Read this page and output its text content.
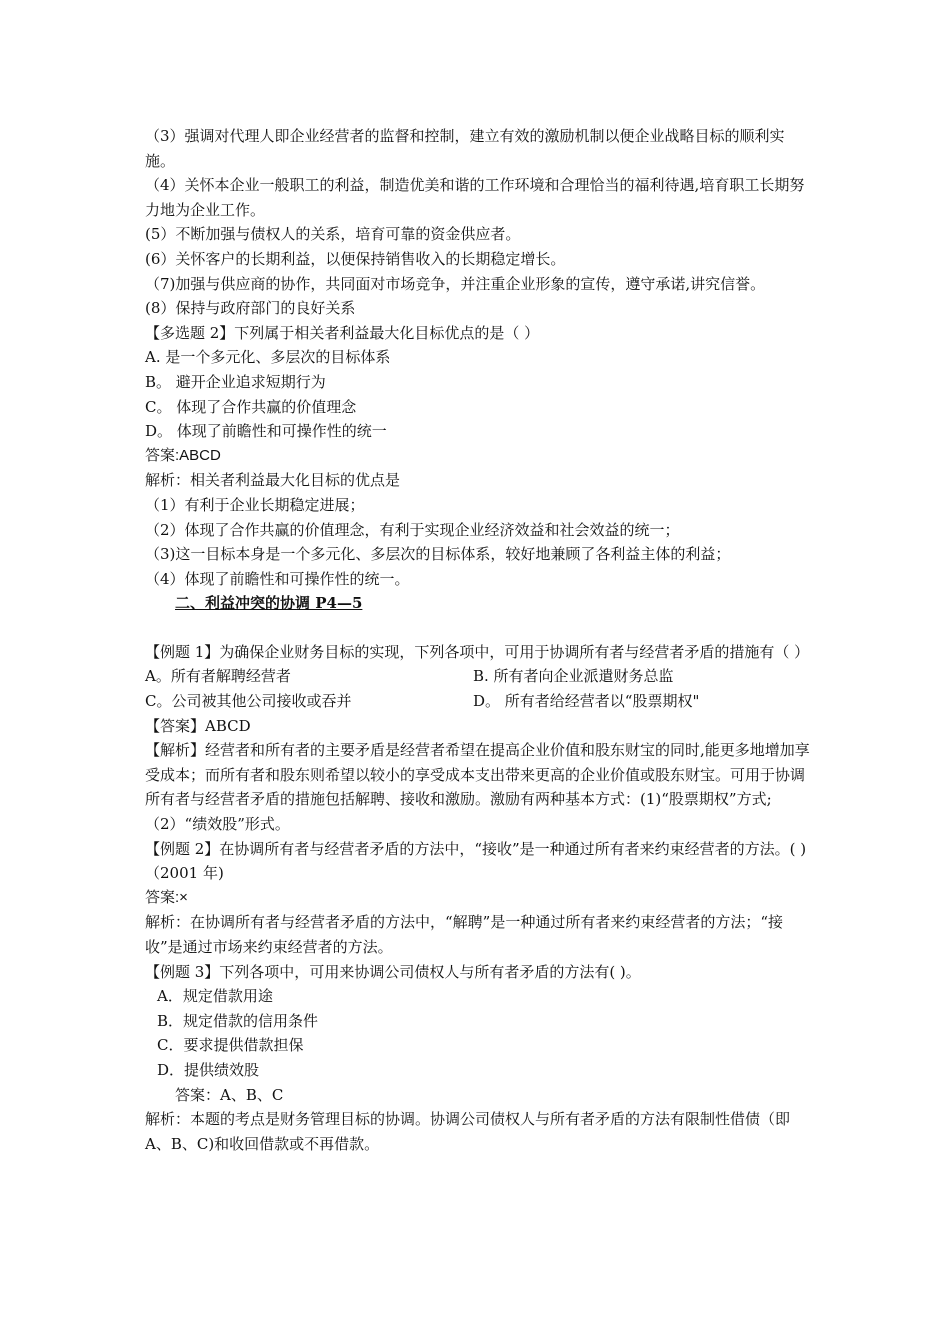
（3）强调对代理人即企业经营者的监督和控制，建立有效的激励机制以便企业战略目标的顺利实施。

（4）关怀本企业一般职工的利益，制造优美和谐的工作环境和合理恰当的福利待遇,培育职工长期努力地为企业工作。

(5）不断加强与债权人的关系，培育可靠的资金供应者。

(6）关怀客户的长期利益，以便保持销售收入的长期稳定增长。

（7)加强与供应商的协作，共同面对市场竞争，并注重企业形象的宣传，遵守承诺,讲究信誉。

(8）保持与政府部门的良好关系

【多选题 2】下列属于相关者利益最大化目标优点的是（ ）

A. 是一个多元化、多层次的目标体系

B。 避开企业追求短期行为

C。 体现了合作共赢的价值理念

D。 体现了前瞻性和可操作性的统一

答案:ABCD

解析：相关者利益最大化目标的优点是

（1）有利于企业长期稳定进展；

（2）体现了合作共赢的价值理念，有利于实现企业经济效益和社会效益的统一；

（3)这一目标本身是一个多元化、多层次的目标体系，较好地兼顾了各利益主体的利益；

（4）体现了前瞻性和可操作性的统一。

二、利益冲突的协调 P4—5

【例题 1】为确保企业财务目标的实现，下列各项中，可用于协调所有者与经营者矛盾的措施有（ ）

A。所有者解聘经营者	B. 所有者向企业派遣财务总监
C。公司被其他公司接收或吞并	D。 所有者给经营者以“股票期权"

【答案】ABCD

【解析】经营者和所有者的主要矛盾是经营者希望在提高企业价值和股东财宝的同时,能更多地增加享受成本；而所有者和股东则希望以较小的享受成本支出带来更高的企业价值或股东财宝。可用于协调所有者与经营者矛盾的措施包括解聘、接收和激励。激励有两种基本方式：(1)“股票期权”方式;（2）“绩效股”形式。

【例题 2】在协调所有者与经营者矛盾的方法中，“接收”是一种通过所有者来约束经营者的方法。( ) （2001 年)

答案:×

解析：在协调所有者与经营者矛盾的方法中，“解聘”是一种通过所有者来约束经营者的方法；“接收”是通过市场来约束经营者的方法。

【例题 3】下列各项中，可用来协调公司债权人与所有者矛盾的方法有( )。

A．规定借款用途

B．规定借款的信用条件

C．要求提供借款担保

D．提供绩效股

答案：A、B、C

解析：本题的考点是财务管理目标的协调。协调公司债权人与所有者矛盾的方法有限制性借债（即A、B、C)和收回借款或不再借款。
